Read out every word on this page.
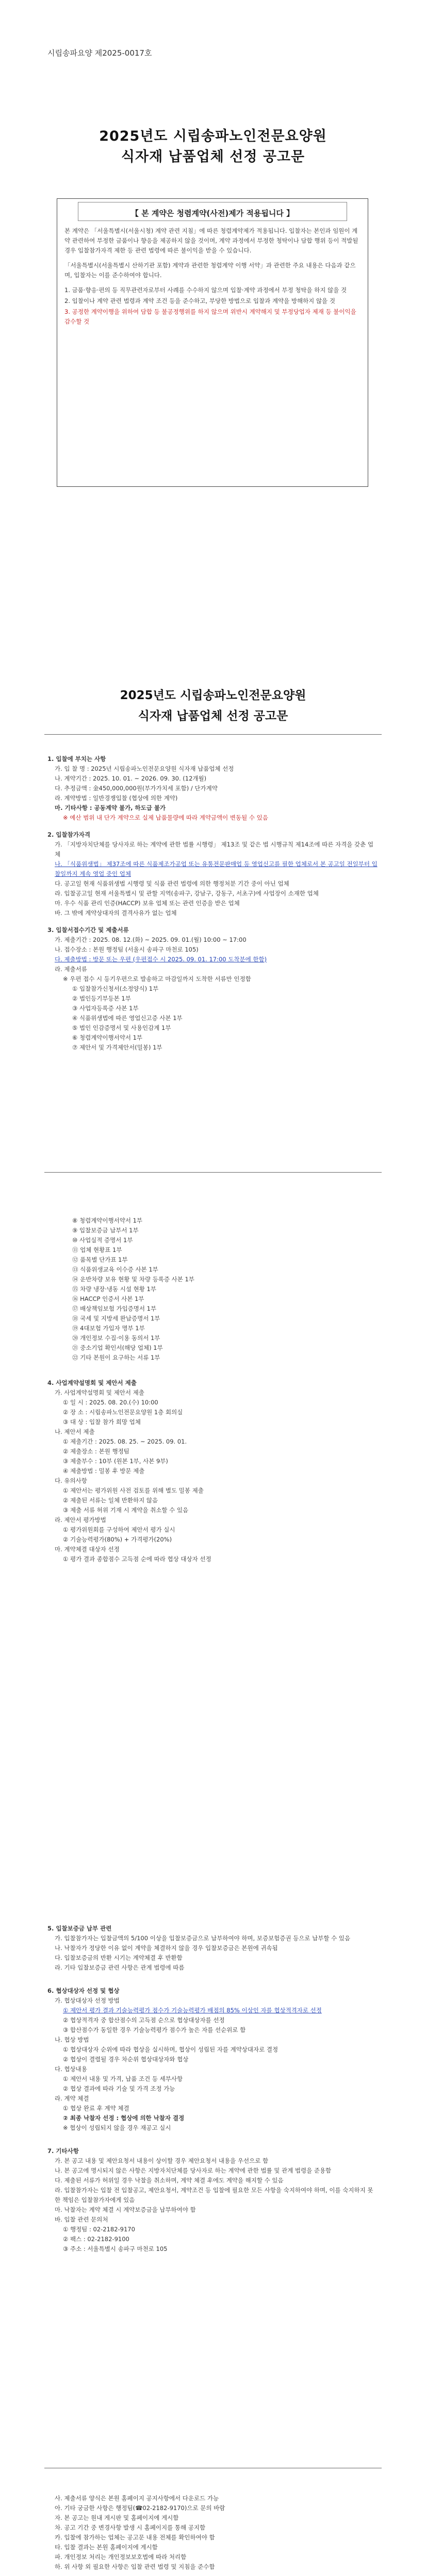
시립송파요양 제2025-0017호
2025년도 시립송파노인전문요양원
식자재 납품업체 선정 공고문
【 본 계약은 청렴계약(사전)제가 적용됩니다 】

본 계약은 「서울특별시(서울시청) 계약 관련 지침」에 따른 청렴계약제가 적용됩니다. 입찰자는 본인과 임원이 계약 관련하여 부정한 금품이나 향응을 제공하지 않을 것이며, 계약 과정에서 부정한 청탁이나 담합 행위 등이 적발될 경우 입찰참가자격 제한 등 관련 법령에 따른 불이익을 받을 수 있습니다.

「서울특별시(서울특별시 산하기관 포함) 계약과 관련한 청렴계약 이행 서약」과 관련한 주요 내용은 다음과 같으며, 입찰자는 이를 준수하여야 합니다.

1. 금품·향응·편의 등 직무관련자로부터 사례를 수수하지 않으며 입찰·계약 과정에서 부정 청탁을 하지 않을 것
2. 입찰이나 계약 관련 법령과 계약 조건 등을 준수하고, 부당한 방법으로 입찰과 계약을 방해하지 않을 것
3. 공정한 계약이행을 위하여 담합 등 불공정행위를 하지 않으며 위반시 계약해지 및 부정당업자 제재 등 불이익을 감수할 것
2025년도 시립송파노인전문요양원
식자재 납품업체 선정 공고문
1. 입찰에 부치는 사항
가. 입 찰 명 : 2025년 시립송파노인전문요양원 식자재 납품업체 선정
나. 계약기간 : 2025. 10. 01. ~ 2026. 09. 30. (12개월)
다. 추정금액 : 金450,000,000원(부가가치세 포함) / 단가계약
라. 계약방법 : 일반경쟁입찰 (협상에 의한 계약)
마. 기타사항 : 공동계약 불가, 하도급 불가
※ 예산 범위 내 단가 계약으로 실제 납품물량에 따라 계약금액이 변동될 수 있음
2. 입찰참가자격
가. 「지방자치단체를 당사자로 하는 계약에 관한 법률 시행령」 제13조 및 같은 법 시행규칙 제14조에 따른 자격을 갖춘 업체
나. 「식품위생법」 제37조에 따른 식품제조가공업 또는 유통전문판매업 등 영업신고를 필한 업체로서 본 공고일 전일부터 입찰일까지 계속 영업 중인 업체
다. 공고일 현재 식품위생법 시행령 및 식품 관련 법령에 의한 행정처분 기간 중이 아닌 업체
라. 입찰공고일 현재 서울특별시 및 관할 지역(송파구, 강남구, 강동구, 서초구)에 사업장이 소재한 업체
마. 우수 식품 관리 인증(HACCP) 보유 업체 또는 관련 인증을 받은 업체
바. 그 밖에 계약상대자의 결격사유가 없는 업체
3. 입찰서접수기간 및 제출서류
가. 제출기간 : 2025. 08. 12.(화) ~ 2025. 09. 01.(월) 10:00 ~ 17:00
나. 접수장소 : 본원 행정팀 (서울시 송파구 마천로 105)
다. 제출방법 : 방문 또는 우편 (우편접수 시 2025. 09. 01. 17:00 도착분에 한함)
라. 제출서류
※ 우편 접수 시 등기우편으로 발송하고 마감일까지 도착한 서류만 인정함
① 입찰참가신청서(소정양식) 1부
② 법인등기부등본 1부
③ 사업자등록증 사본 1부
④ 식품위생법에 따른 영업신고증 사본 1부
⑤ 법인 인감증명서 및 사용인감계 1부
⑥ 청렴계약이행서약서 1부
⑦ 제안서 및 가격제안서(밀봉) 1부
⑧ 청렴계약이행서약서 1부
⑨ 입찰보증금 납부서 1부
⑩ 사업실적 증명서 1부
⑪ 업체 현황표 1부
⑫ 품목별 단가표 1부
⑬ 식품위생교육 이수증 사본 1부
⑭ 운반차량 보유 현황 및 차량 등록증 사본 1부
⑮ 차량 냉장·냉동 시설 현황 1부
⑯ HACCP 인증서 사본 1부
⑰ 배상책임보험 가입증명서 1부
⑱ 국세 및 지방세 완납증명서 1부
⑲ 4대보험 가입자 명부 1부
⑳ 개인정보 수집·이용 동의서 1부
㉑ 중소기업 확인서(해당 업체) 1부
㉒ 기타 본원이 요구하는 서류 1부
4. 사업계약설명회 및 제안서 제출
가. 사업계약설명회 및 제안서 제출
① 일 시 : 2025. 08. 20.(수) 10:00
② 장 소 : 시립송파노인전문요양원 1층 회의실
③ 대 상 : 입찰 참가 희망 업체
나. 제안서 제출
① 제출기간 : 2025. 08. 25. ~ 2025. 09. 01.
② 제출장소 : 본원 행정팀
③ 제출부수 : 10부 (원본 1부, 사본 9부)
④ 제출방법 : 밀봉 후 방문 제출
다. 유의사항
① 제안서는 평가위원 사전 검토를 위해 별도 밀봉 제출
② 제출된 서류는 일체 반환하지 않음
③ 제출 서류 허위 기재 시 계약을 취소할 수 있음
라. 제안서 평가방법
① 평가위원회를 구성하여 제안서 평가 실시
② 기술능력평가(80%) + 가격평가(20%)
마. 계약체결 대상자 선정
① 평가 결과 종합점수 고득점 순에 따라 협상 대상자 선정
5. 입찰보증금 납부 관련
가. 입찰참가자는 입찰금액의 5/100 이상을 입찰보증금으로 납부하여야 하며, 보증보험증권 등으로 납부할 수 있음
나. 낙찰자가 정당한 이유 없이 계약을 체결하지 않을 경우 입찰보증금은 본원에 귀속됨
다. 입찰보증금의 반환 시기는 계약체결 후 반환함
라. 기타 입찰보증금 관련 사항은 관계 법령에 따름
6. 협상대상자 선정 및 협상
가. 협상대상자 선정 방법
① 제안서 평가 결과 기술능력평가 점수가 기술능력평가 배점의 85% 이상인 자를 협상적격자로 선정
② 협상적격자 중 합산점수의 고득점 순으로 협상대상자를 선정
③ 합산점수가 동일한 경우 기술능력평가 점수가 높은 자를 선순위로 함
나. 협상 방법
① 협상대상자 순위에 따라 협상을 실시하며, 협상이 성립된 자를 계약상대자로 결정
② 협상이 결렬될 경우 차순위 협상대상자와 협상
다. 협상내용
① 제안서 내용 및 가격, 납품 조건 등 세부사항
② 협상 결과에 따라 기술 및 가격 조정 가능
라. 계약 체결
① 협상 완료 후 계약 체결
② 최종 낙찰자 선정 : 협상에 의한 낙찰자 결정
※ 협상이 성립되지 않을 경우 재공고 실시
7. 기타사항
가. 본 공고 내용 및 제안요청서 내용이 상이할 경우 제안요청서 내용을 우선으로 함
나. 본 공고에 명시되지 않은 사항은 지방자치단체를 당사자로 하는 계약에 관한 법률 및 관계 법령을 준용함
다. 제출된 서류가 허위일 경우 낙찰을 취소하며, 계약 체결 후에도 계약을 해지할 수 있음
라. 입찰참가자는 입찰 전 입찰공고, 제안요청서, 계약조건 등 입찰에 필요한 모든 사항을 숙지하여야 하며, 이를 숙지하지 못한 책임은 입찰참가자에게 있음
마. 낙찰자는 계약 체결 시 계약보증금을 납부하여야 함
바. 입찰 관련 문의처
① 행정팀 : 02-2182-9170
② 팩스 : 02-2182-9100
③ 주소 : 서울특별시 송파구 마천로 105
사. 제출서류 양식은 본원 홈페이지 공지사항에서 다운로드 가능
아. 기타 궁금한 사항은 행정팀(☎02-2182-9170)으로 문의 바람
자. 본 공고는 원내 게시판 및 홈페이지에 게시함
차. 공고 기간 중 변경사항 발생 시 홈페이지를 통해 공지함
카. 입찰에 참가하는 업체는 공고문 내용 전체를 확인하여야 함
타. 입찰 결과는 본원 홈페이지에 게시함
파. 개인정보 처리는 개인정보보호법에 따라 처리함
하. 위 사항 외 필요한 사항은 입찰 관련 법령 및 지침을 준수함
